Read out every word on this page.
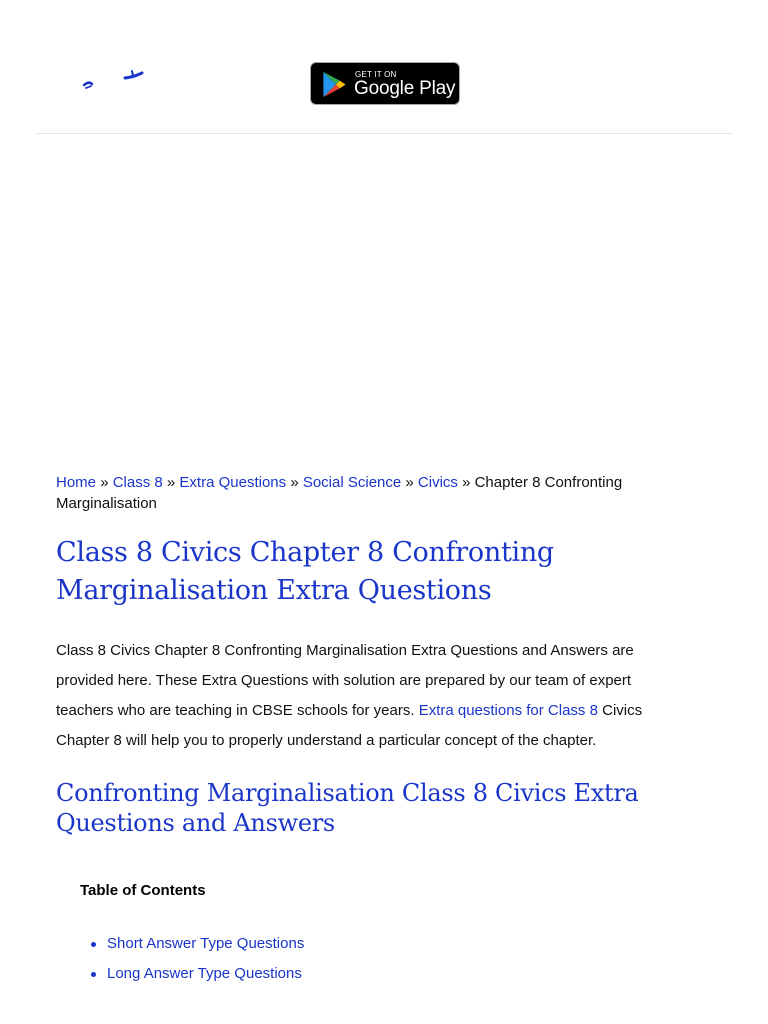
GET IT ON
Google Play
Home » Class 8 » Extra Questions » Social Science » Civics » Chapter 8 Confronting Marginalisation
Class 8 Civics Chapter 8 Confronting Marginalisation Extra Questions

Class 8 Civics Chapter 8 Confronting Marginalisation Extra Questions and Answers are provided here. These Extra Questions with solution are prepared by our team of expert teachers who are teaching in CBSE schools for years. Extra questions for Class 8 Civics Chapter 8 will help you to properly understand a particular concept of the chapter.

Confronting Marginalisation Class 8 Civics Extra Questions and Answers

Table of Contents

Short Answer Type Questions
Long Answer Type Questions
